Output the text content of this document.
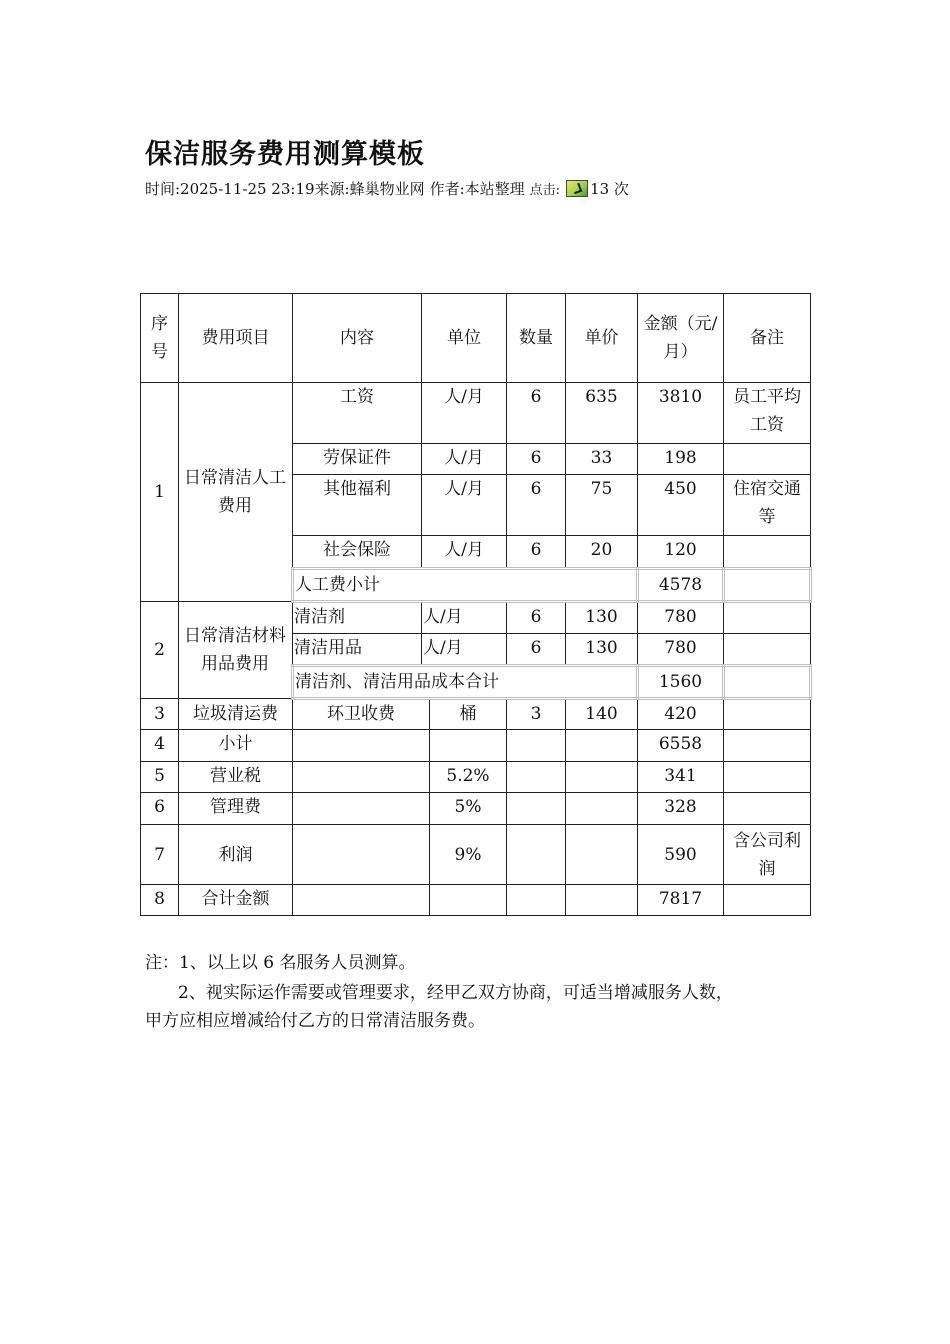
保洁服务费用测算模板
时间:2025-11-25 23:19 来源:蜂巢物业网 作者:本站整理 点击: 13 次
序号	费用项目	内容	单位		数量	单价	金额（元/月）	备注
1	日常清洁人工费用	工资	人/月		6	635	3810	员工平均工资
		劳保证件	人/月		6	33	198	
		其他福利	人/月		6	75	450	住宿交通等
		社会保险	人/月		6	20	120	
		人工费小计					4578	
2	日常清洁材料用品费用	清洁剂	人/月		6	130	780	
		清洁用品	人/月		6	130	780	
		清洁剂、清洁用品成本合计					1560	
3	垃圾清运费	环卫收费		桶	3	140	420	
4	小计						6558	
5	营业税			5.2%			341	
6	管理费			5%			328	
7	利润			9%			590	含公司利润
8	合计金额						7817	
注：1、以上以 6 名服务人员测算。
2、视实际运作需要或管理要求，经甲乙双方协商，可适当增减服务人数，
甲方应相应增减给付乙方的日常清洁服务费。
